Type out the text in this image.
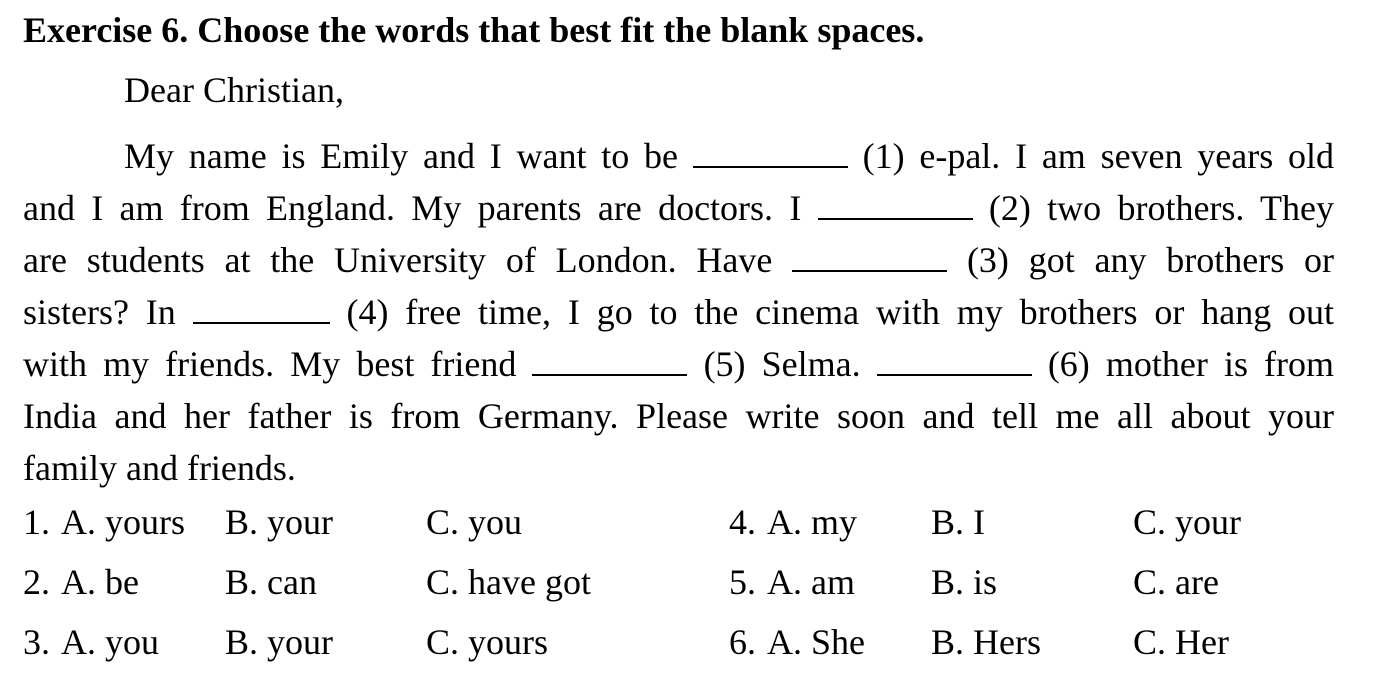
Exercise 6. Choose the words that best fit the blank spaces.
Dear Christian,
My name is Emily and I want to be	(1) e-pal. I am seven years old
and I am from England. My parents are doctors. I	(2) two brothers. They
are students at the University of London. Have	(3) got any brothers or
sisters? In	(4) free time, I go to the cinema with my brothers or hang out
with my friends. My best friend	(5) Selma.	(6) mother is from
India and her father is from Germany. Please write soon and tell me all about your
family and friends.
1. A. yours B. your	C. you	4. A. my B. I	C. your
2. A. be B. can	C. have got	5. A. am B. is	C. are
3. A. you B. your	C. yours	6. A. She B. Hers	C. Her
